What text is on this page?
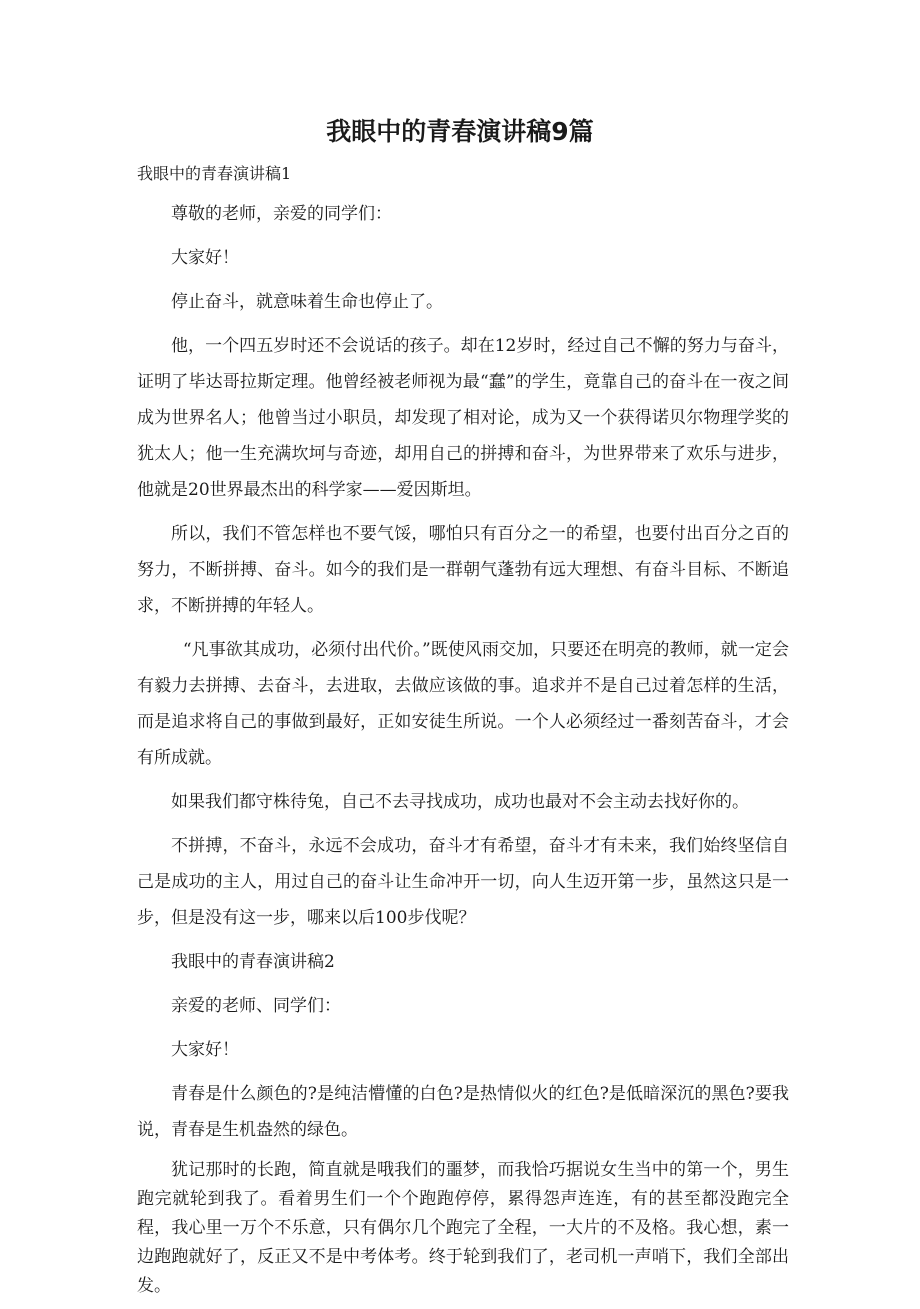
我眼中的青春演讲稿9篇
我眼中的青春演讲稿1

尊敬的老师，亲爱的同学们：

大家好！

停止奋斗，就意味着生命也停止了。

他，一个四五岁时还不会说话的孩子。却在12岁时，经过自己不懈的努力与奋斗，证明了毕达哥拉斯定理。他曾经被老师视为最“蠢”的学生，竟靠自己的奋斗在一夜之间成为世界名人；他曾当过小职员，却发现了相对论，成为又一个获得诺贝尔物理学奖的犹太人；他一生充满坎坷与奇迹，却用自己的拼搏和奋斗，为世界带来了欢乐与进步，他就是20世界最杰出的科学家——爱因斯坦。

所以，我们不管怎样也不要气馁，哪怕只有百分之一的希望，也要付出百分之百的努力，不断拼搏、奋斗。如今的我们是一群朝气蓬勃有远大理想、有奋斗目标、不断追求，不断拼搏的年轻人。

“凡事欲其成功，必须付出代价。”既使风雨交加，只要还在明亮的教师，就一定会有毅力去拼搏、去奋斗，去进取，去做应该做的事。追求并不是自己过着怎样的生活，而是追求将自己的事做到最好，正如安徒生所说。一个人必须经过一番刻苦奋斗，才会有所成就。

如果我们都守株待兔，自己不去寻找成功，成功也最对不会主动去找好你的。

不拼搏，不奋斗，永远不会成功，奋斗才有希望，奋斗才有未来，我们始终坚信自己是成功的主人，用过自己的奋斗让生命冲开一切，向人生迈开第一步，虽然这只是一步，但是没有这一步，哪来以后100步伐呢？

我眼中的青春演讲稿2

亲爱的老师、同学们：

大家好！

青春是什么颜色的?是纯洁懵懂的白色?是热情似火的红色?是低暗深沉的黑色?要我说，青春是生机盎然的绿色。

犹记那时的长跑，简直就是哦我们的噩梦，而我恰巧据说女生当中的第一个，男生跑完就轮到我了。看着男生们一个个跑跑停停，累得怨声连连，有的甚至都没跑完全程，我心里一万个不乐意，只有偶尔几个跑完了全程，一大片的不及格。我心想，素一边跑跑就好了，反正又不是中考体考。终于轮到我们了，老司机一声哨下，我们全部出发。
